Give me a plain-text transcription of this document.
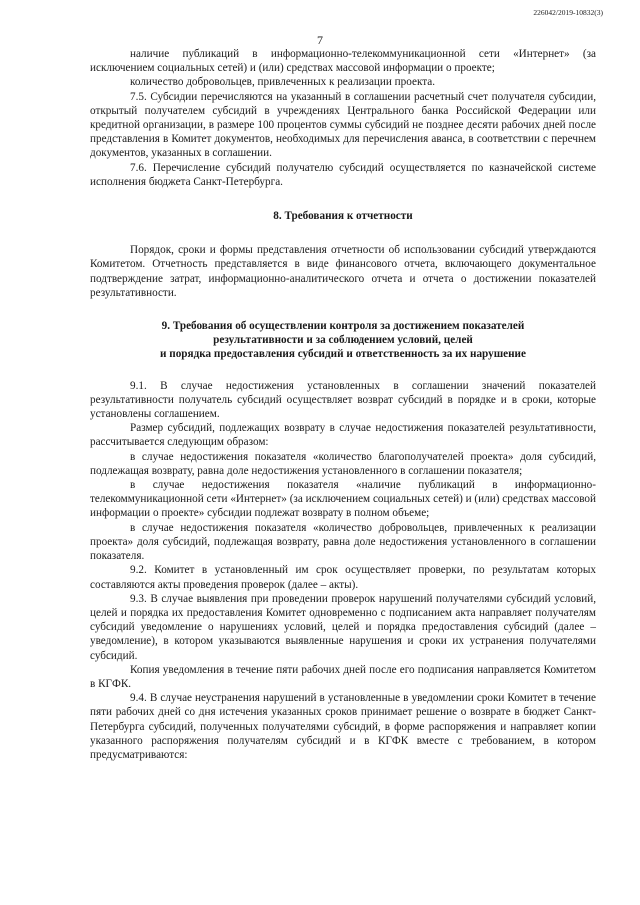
226042/2019-10832(3)
7

наличие публикаций в информационно-телекоммуникационной сети «Интернет» (за исключением социальных сетей) и (или) средствах массовой информации о проекте;

количество добровольцев, привлеченных к реализации проекта.

7.5. Субсидии перечисляются на указанный в соглашении расчетный счет получателя субсидии, открытый получателем субсидий в учреждениях Центрального банка Российской Федерации или кредитной организации, в размере 100 процентов суммы субсидий не позднее десяти рабочих дней после представления в Комитет документов, необходимых для перечисления аванса, в соответствии с перечнем документов, указанных в соглашении.

7.6. Перечисление субсидий получателю субсидий осуществляется по казначейской системе исполнения бюджета Санкт-Петербурга.

8. Требования к отчетности

Порядок, сроки и формы представления отчетности об использовании субсидий утверждаются Комитетом. Отчетность представляется в виде финансового отчета, включающего документальное подтверждение затрат, информационно-аналитического отчета и отчета о достижении показателей результативности.

9. Требования об осуществлении контроля за достижением показателей
результативности и за соблюдением условий, целей
и порядка предоставления субсидий и ответственность за их нарушение

9.1. В случае недостижения установленных в соглашении значений показателей результативности получатель субсидий осуществляет возврат субсидий в порядке и в сроки, которые установлены соглашением.

Размер субсидий, подлежащих возврату в случае недостижения показателей результативности, рассчитывается следующим образом:

в случае недостижения показателя «количество благополучателей проекта» доля субсидий, подлежащая возврату, равна доле недостижения установленного в соглашении показателя;

в случае недостижения показателя «наличие публикаций в информационно-телекоммуникационной сети «Интернет» (за исключением социальных сетей) и (или) средствах массовой информации о проекте» субсидии подлежат возврату в полном объеме;

в случае недостижения показателя «количество добровольцев, привлеченных к реализации проекта» доля субсидий, подлежащая возврату, равна доле недостижения установленного в соглашении показателя.

9.2. Комитет в установленный им срок осуществляет проверки, по результатам которых составляются акты проведения проверок (далее – акты).

9.3. В случае выявления при проведении проверок нарушений получателями субсидий условий, целей и порядка их предоставления Комитет одновременно с подписанием акта направляет получателям субсидий уведомление о нарушениях условий, целей и порядка предоставления субсидий (далее – уведомление), в котором указываются выявленные нарушения и сроки их устранения получателями субсидий.

Копия уведомления в течение пяти рабочих дней после его подписания направляется Комитетом в КГФК.

9.4. В случае неустранения нарушений в установленные в уведомлении сроки Комитет в течение пяти рабочих дней со дня истечения указанных сроков принимает решение о возврате в бюджет Санкт-Петербурга субсидий, полученных получателями субсидий, в форме распоряжения и направляет копии указанного распоряжения получателям субсидий и в КГФК вместе с требованием, в котором предусматриваются:
